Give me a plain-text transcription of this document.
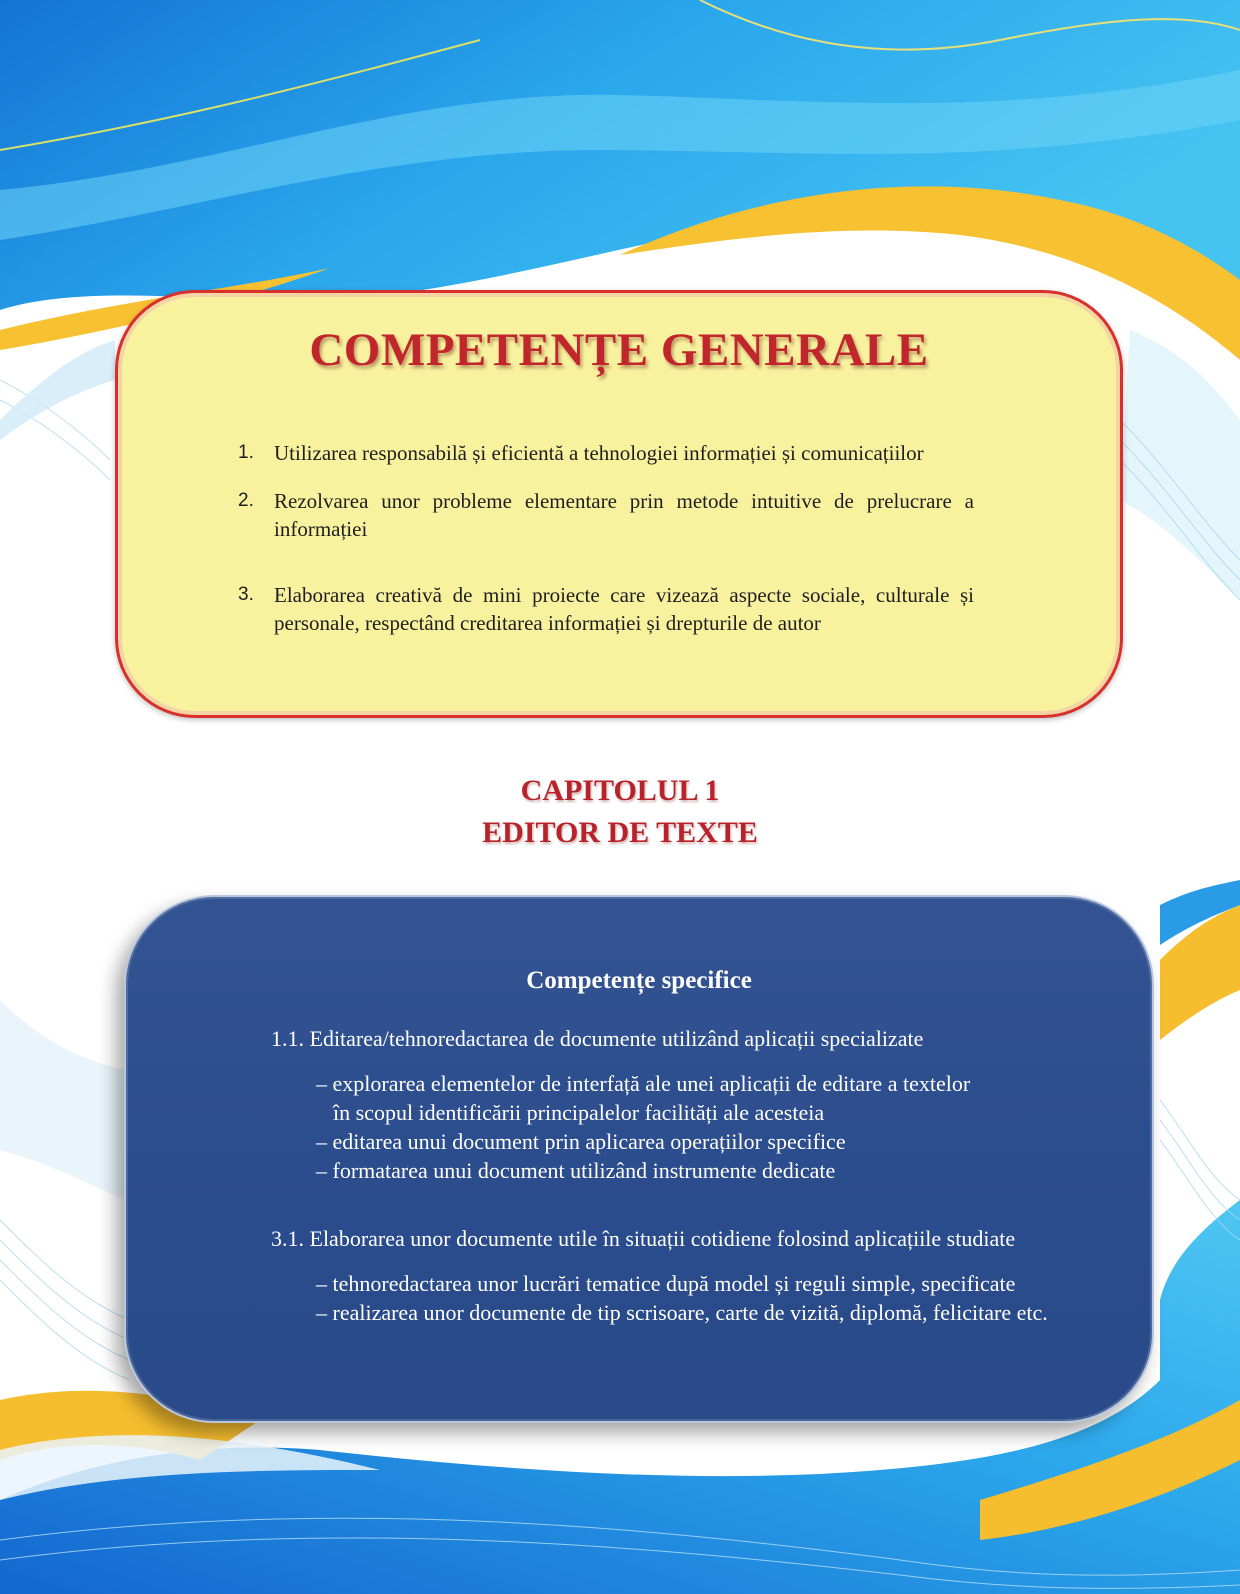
COMPETENȚE GENERALE
1. Utilizarea responsabilă și eficientă a tehnologiei informației și comunicațiilor
2. Rezolvarea unor probleme elementare prin metode intuitive de prelucrare a informației
3. Elaborarea creativă de mini proiecte care vizează aspecte sociale, culturale și personale, respectând creditarea informației și drepturile de autor
CAPITOLUL 1
EDITOR DE TEXTE
Competențe specifice
1.1. Editarea/tehnoredactarea de documente utilizând aplicații specializate
– explorarea elementelor de interfață ale unei aplicații de editare a textelor
în scopul identificării principalelor facilități ale acesteia
– editarea unui document prin aplicarea operațiilor specifice
– formatarea unui document utilizând instrumente dedicate
3.1. Elaborarea unor documente utile în situații cotidiene folosind aplicațiile studiate
– tehnoredactarea unor lucrări tematice după model și reguli simple, specificate
– realizarea unor documente de tip scrisoare, carte de vizită, diplomă, felicitare etc.
